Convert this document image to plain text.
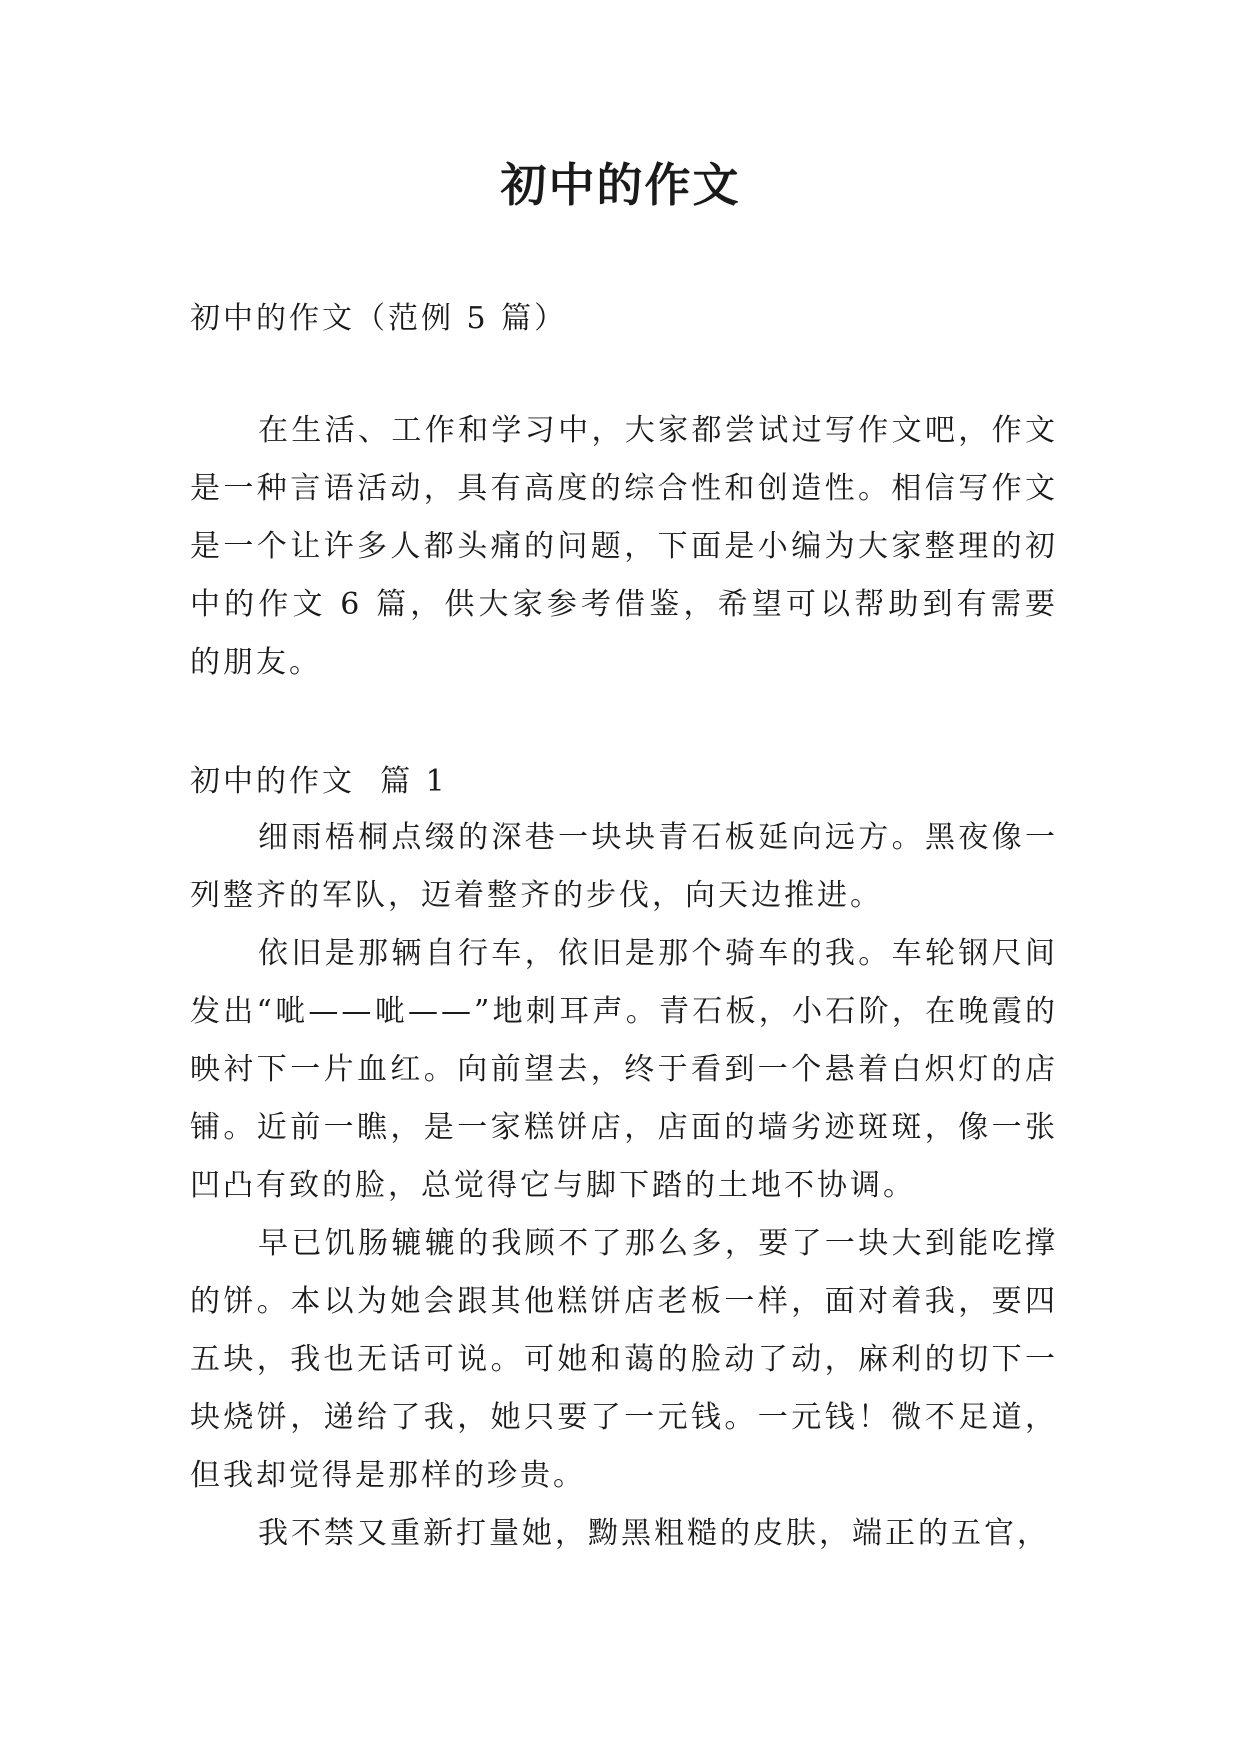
初中的作文

初中的作文（范例 5 篇）

在生活、工作和学习中，大家都尝试过写作文吧，作文是一种言语活动，具有高度的综合性和创造性。相信写作文是一个让许多人都头痛的问题，下面是小编为大家整理的初中的作文 6 篇，供大家参考借鉴，希望可以帮助到有需要的朋友。

初中的作文  篇 1

细雨梧桐点缀的深巷一块块青石板延向远方。黑夜像一列整齐的军队，迈着整齐的步伐，向天边推进。

依旧是那辆自行车，依旧是那个骑车的我。车轮钢尺间发出“呲——呲——”地刺耳声。青石板，小石阶，在晚霞的映衬下一片血红。向前望去，终于看到一个悬着白炽灯的店铺。近前一瞧，是一家糕饼店，店面的墙劣迹斑斑，像一张凹凸有致的脸，总觉得它与脚下踏的土地不协调。

早已饥肠辘辘的我顾不了那么多，要了一块大到能吃撑的饼。本以为她会跟其他糕饼店老板一样，面对着我，要四五块，我也无话可说。可她和蔼的脸动了动，麻利的切下一块烧饼，递给了我，她只要了一元钱。一元钱！微不足道，但我却觉得是那样的珍贵。

我不禁又重新打量她，黝黑粗糙的皮肤，端正的五官，
